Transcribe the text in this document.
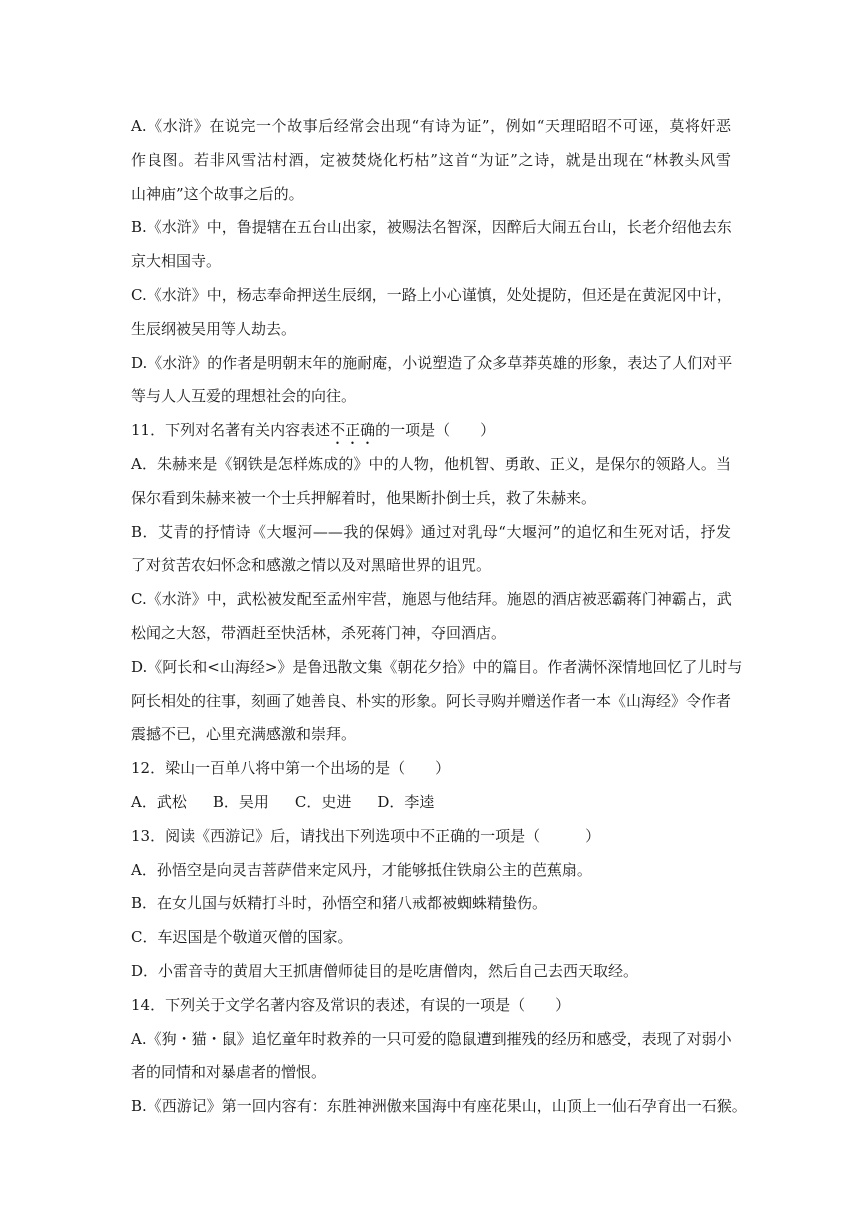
A.《水浒》在说完一个故事后经常会出现“有诗为证”，例如“天理昭昭不可诬，莫将奸恶
作良图。若非风雪沽村酒，定被焚烧化朽枯”这首“为证”之诗，就是出现在“林教头风雪
山神庙”这个故事之后的。
B.《水浒》中，鲁提辖在五台山出家，被赐法名智深，因醉后大闹五台山，长老介绍他去东
京大相国寺。
C.《水浒》中，杨志奉命押送生辰纲，一路上小心谨慎，处处提防，但还是在黄泥冈中计，
生辰纲被吴用等人劫去。
D.《水浒》的作者是明朝末年的施耐庵，小说塑造了众多草莽英雄的形象，表达了人们对平
等与人人互爱的理想社会的向往。
11．下列对名著有关内容表述不正确的一项是（　　）
A．朱赫来是《钢铁是怎样炼成的》中的人物，他机智、勇敢、正义，是保尔的领路人。当
保尔看到朱赫来被一个士兵押解着时，他果断扑倒士兵，救了朱赫来。
B．艾青的抒情诗《大堰河——我的保姆》通过对乳母“大堰河”的追忆和生死对话，抒发
了对贫苦农妇怀念和感激之情以及对黑暗世界的诅咒。
C.《水浒》中，武松被发配至孟州牢营，施恩与他结拜。施恩的酒店被恶霸蒋门神霸占，武
松闻之大怒，带酒赶至快活林，杀死蒋门神，夺回酒店。
D.《阿长和<山海经>》是鲁迅散文集《朝花夕拾》中的篇目。作者满怀深情地回忆了儿时与
阿长相处的往事，刻画了她善良、朴实的形象。阿长寻购并赠送作者一本《山海经》令作者
震撼不已，心里充满感激和崇拜。
12．梁山一百单八将中第一个出场的是（　　）
A．武松 B．吴用 C．史进 D．李逵
13．阅读《西游记》后，请找出下列选项中不正确的一项是（　　　）
A．孙悟空是向灵吉菩萨借来定风丹，才能够抵住铁扇公主的芭蕉扇。
B．在女儿国与妖精打斗时，孙悟空和猪八戒都被蜘蛛精蛰伤。
C．车迟国是个敬道灭僧的国家。
D．小雷音寺的黄眉大王抓唐僧师徒目的是吃唐僧肉，然后自己去西天取经。
14．下列关于文学名著内容及常识的表述，有误的一项是（　　）
A.《狗・猫・鼠》追忆童年时救养的一只可爱的隐鼠遭到摧残的经历和感受，表现了对弱小
者的同情和对暴虐者的憎恨。
B.《西游记》第一回内容有：东胜神洲傲来国海中有座花果山，山顶上一仙石孕育出一石猴。
